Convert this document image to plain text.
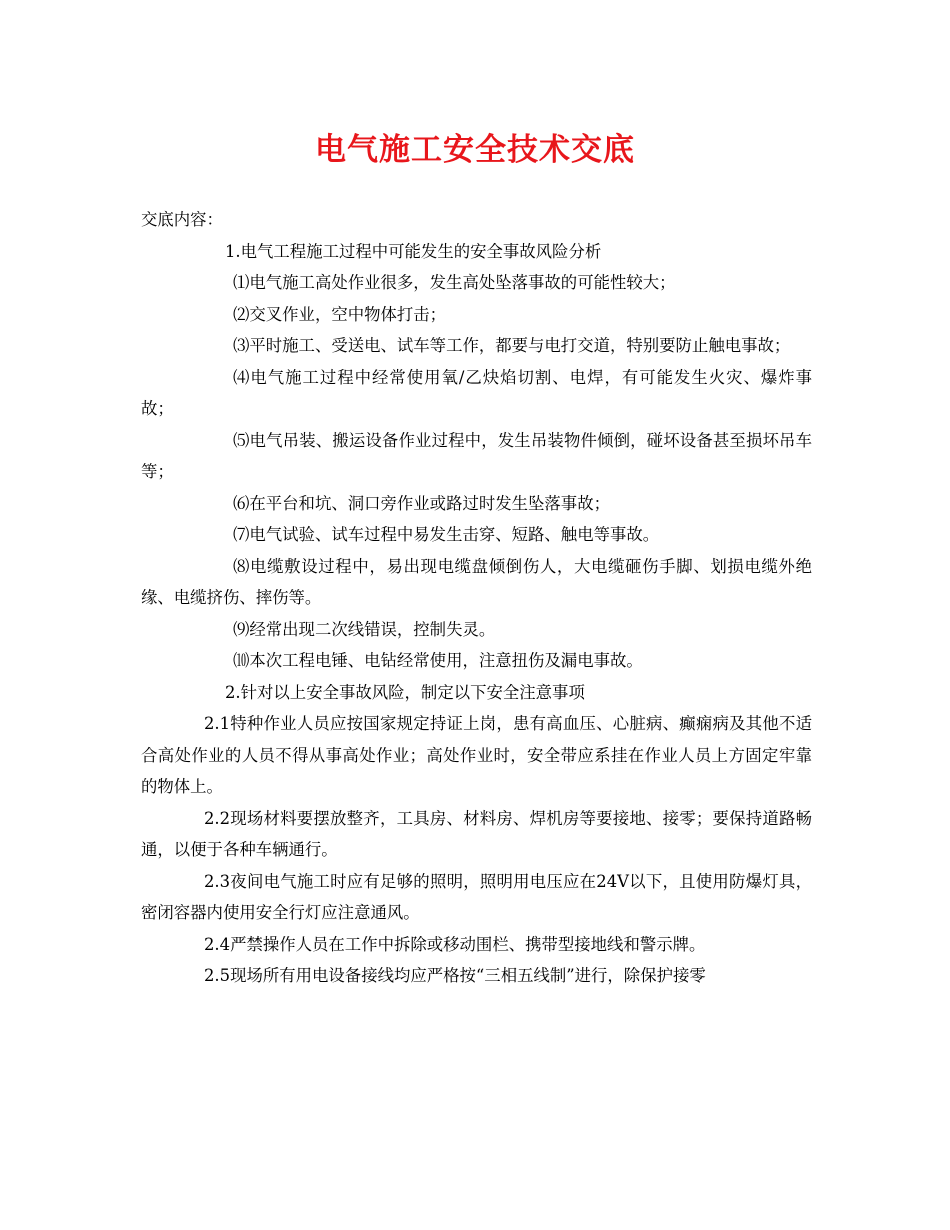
电气施工安全技术交底

交底内容：

1.电气工程施工过程中可能发生的安全事故风险分析

⑴电气施工高处作业很多，发生高处坠落事故的可能性较大；

⑵交叉作业，空中物体打击；

⑶平时施工、受送电、试车等工作，都要与电打交道，特别要防止触电事故；

⑷电气施工过程中经常使用氧/乙炔焰切割、电焊，有可能发生火灾、爆炸事故；

⑸电气吊装、搬运设备作业过程中，发生吊装物件倾倒，碰坏设备甚至损坏吊车等；

⑹在平台和坑、洞口旁作业或路过时发生坠落事故；

⑺电气试验、试车过程中易发生击穿、短路、触电等事故。

⑻电缆敷设过程中，易出现电缆盘倾倒伤人，大电缆砸伤手脚、划损电缆外绝缘、电缆挤伤、摔伤等。

⑼经常出现二次线错误，控制失灵。

⑽本次工程电锤、电钻经常使用，注意扭伤及漏电事故。

2.针对以上安全事故风险，制定以下安全注意事项

2.1特种作业人员应按国家规定持证上岗，患有高血压、心脏病、癫痫病及其他不适合高处作业的人员不得从事高处作业；高处作业时，安全带应系挂在作业人员上方固定牢靠的物体上。

2.2现场材料要摆放整齐，工具房、材料房、焊机房等要接地、接零；要保持道路畅通，以便于各种车辆通行。

2.3夜间电气施工时应有足够的照明，照明用电压应在24V以下，且使用防爆灯具，密闭容器内使用安全行灯应注意通风。

2.4严禁操作人员在工作中拆除或移动围栏、携带型接地线和警示牌。

2.5现场所有用电设备接线均应严格按“三相五线制”进行，除保护接零
